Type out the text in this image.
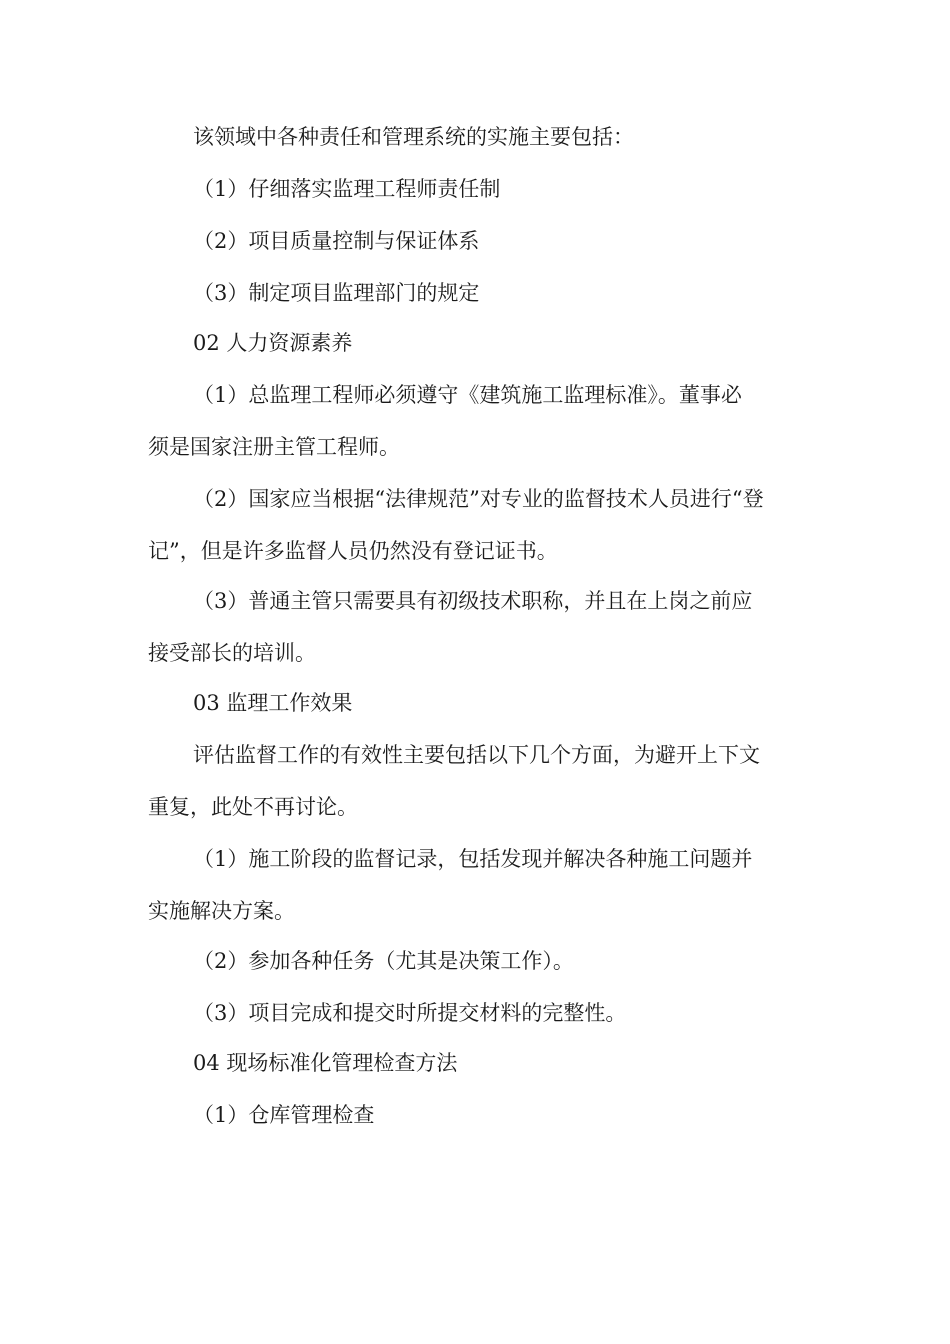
该领域中各种责任和管理系统的实施主要包括：
（1）仔细落实监理工程师责任制
（2）项目质量控制与保证体系
（3）制定项目监理部门的规定
02 人力资源素养
（1）总监理工程师必须遵守《建筑施工监理标准》。董事必
须是国家注册主管工程师。
（2）国家应当根据“法律规范”对专业的监督技术人员进行“登
记”，但是许多监督人员仍然没有登记证书。
（3）普通主管只需要具有初级技术职称，并且在上岗之前应
接受部长的培训。
03 监理工作效果
评估监督工作的有效性主要包括以下几个方面，为避开上下文
重复，此处不再讨论。
（1）施工阶段的监督记录，包括发现并解决各种施工问题并
实施解决方案。
（2）参加各种任务（尤其是决策工作）。
（3）项目完成和提交时所提交材料的完整性。
04 现场标准化管理检查方法
（1）仓库管理检查
